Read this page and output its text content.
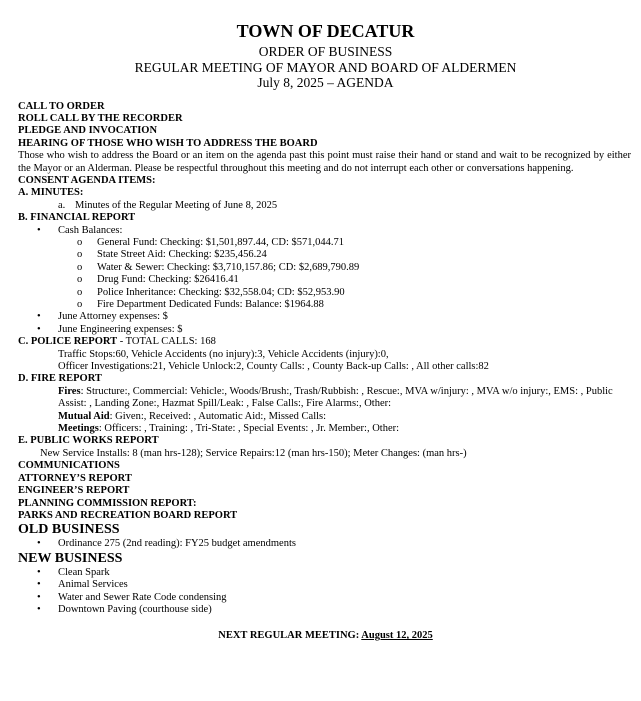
TOWN OF DECATUR
ORDER OF BUSINESS
REGULAR MEETING OF MAYOR AND BOARD OF ALDERMEN
July 8, 2025 – AGENDA
CALL TO ORDER
ROLL CALL BY THE RECORDER
PLEDGE AND INVOCATION
HEARING OF THOSE WHO WISH TO ADDRESS THE BOARD
Those who wish to address the Board or an item on the agenda past this point must raise their hand or stand and wait to be recognized by either the Mayor or an Alderman. Please be respectful throughout this meeting and do not interrupt each other or conversations happening.
CONSENT AGENDA ITEMS:
A. MINUTES:
a. Minutes of the Regular Meeting of June 8, 2025
B. FINANCIAL REPORT
• Cash Balances:
o General Fund: Checking: $1,501,897.44, CD: $571,044.71
o State Street Aid: Checking: $235,456.24
o Water & Sewer: Checking: $3,710,157.86; CD: $2,689,790.89
o Drug Fund: Checking: $26416.41
o Police Inheritance: Checking: $32,558.04; CD: $52,953.90
o Fire Department Dedicated Funds: Balance: $1964.88
• June Attorney expenses: $
• June Engineering expenses: $
C. POLICE REPORT - TOTAL CALLS: 168
Traffic Stops:60, Vehicle Accidents (no injury):3, Vehicle Accidents (injury):0,
Officer Investigations:21, Vehicle Unlock:2, County Calls: , County Back-up Calls: , All other calls:82
D. FIRE REPORT
Fires: Structure:, Commercial: Vehicle:, Woods/Brush:, Trash/Rubbish: , Rescue:, MVA w/injury: , MVA w/o injury:, EMS: , Public Assist: , Landing Zone:, Hazmat Spill/Leak: , False Calls:, Fire Alarms:, Other:
Mutual Aid: Given:, Received: , Automatic Aid:, Missed Calls:
Meetings: Officers: , Training: , Tri-State: , Special Events: , Jr. Member:, Other:
E. PUBLIC WORKS REPORT
New Service Installs: 8 (man hrs-128); Service Repairs:12 (man hrs-150); Meter Changes: (man hrs-)
COMMUNICATIONS
ATTORNEY’S REPORT
ENGINEER’S REPORT
PLANNING COMMISSION REPORT:
PARKS AND RECREATION BOARD REPORT
OLD BUSINESS
• Ordinance 275 (2nd reading): FY25 budget amendments
NEW BUSINESS
• Clean Spark
• Animal Services
• Water and Sewer Rate Code condensing
• Downtown Paving (courthouse side)
NEXT REGULAR MEETING: August 12, 2025
